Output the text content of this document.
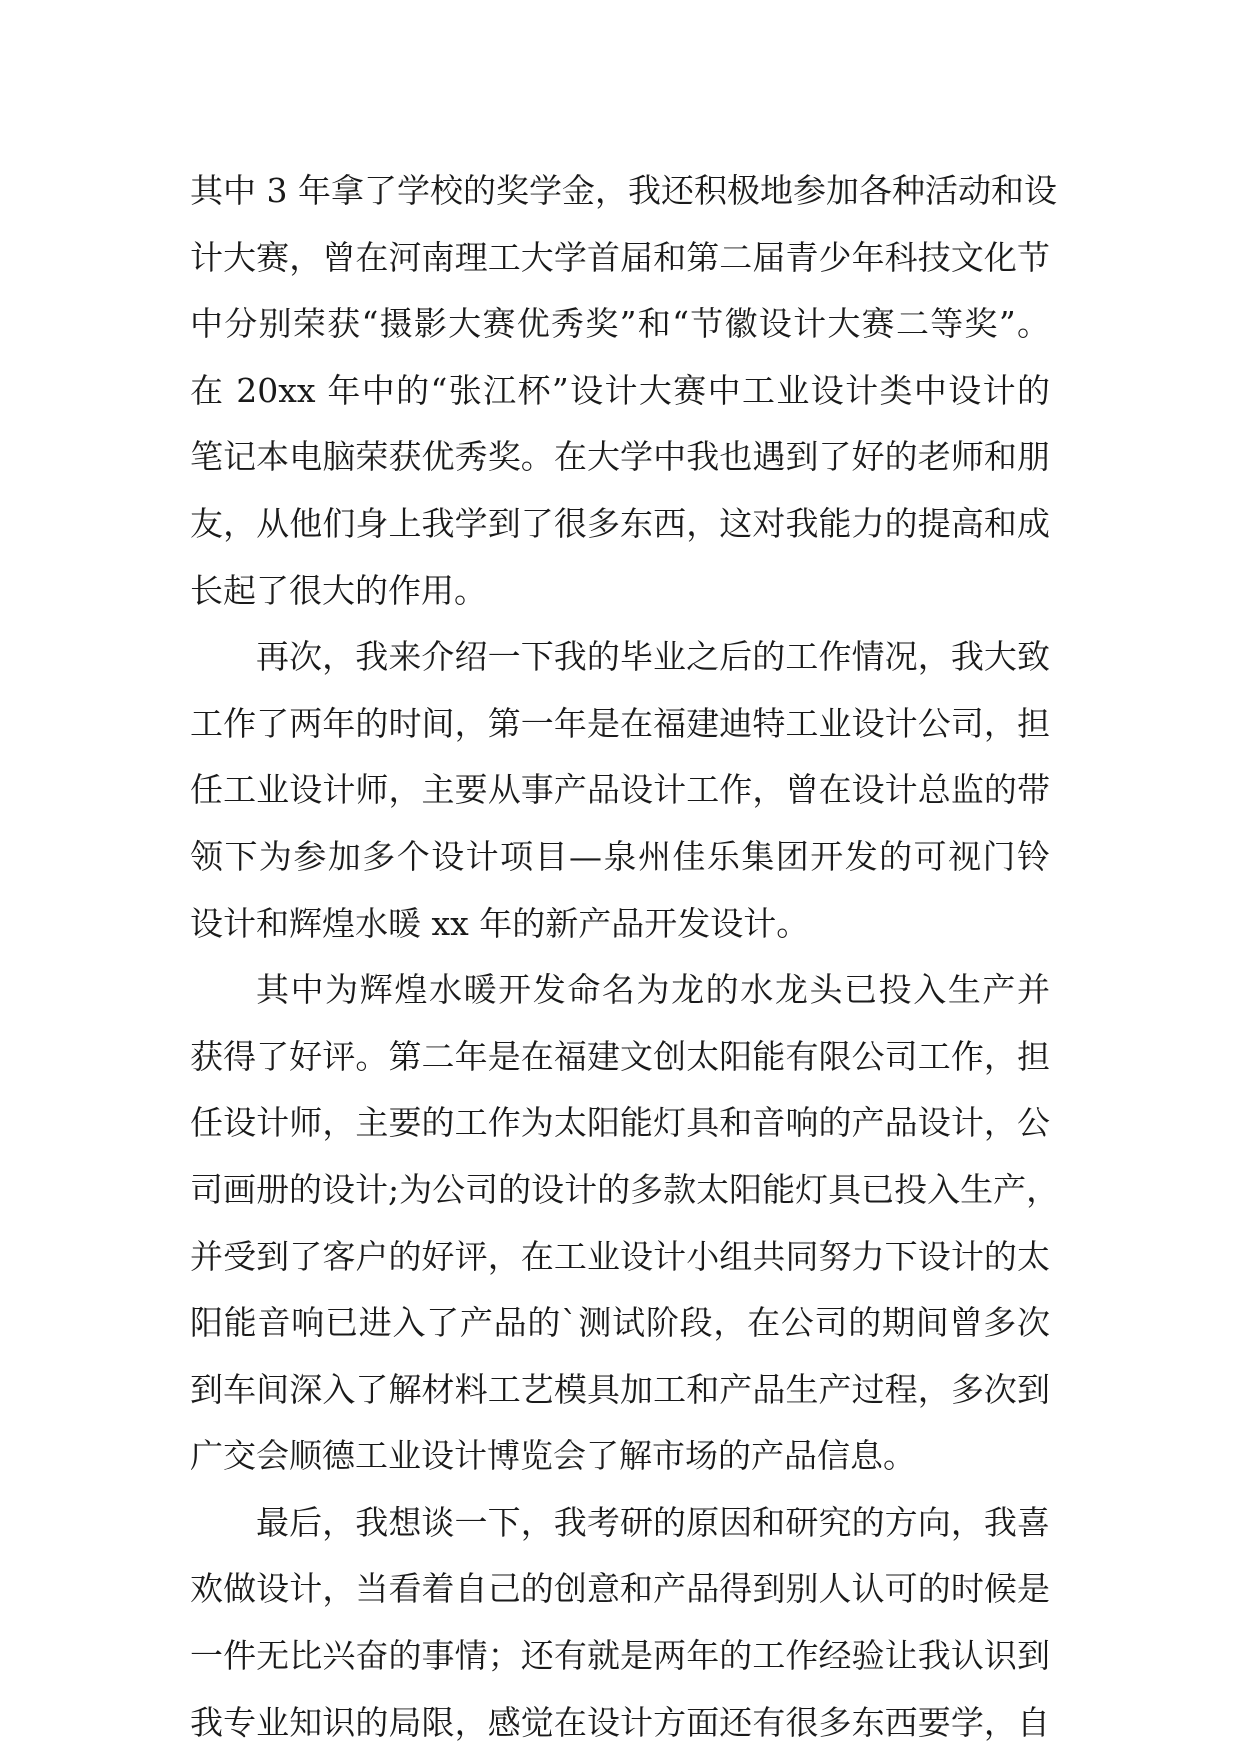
其中 3 年拿了学校的奖学金，我还积极地参加各种活动和设
计大赛，曾在河南理工大学首届和第二届青少年科技文化节
中分别荣获“摄影大赛优秀奖”和“节徽设计大赛二等奖”。
在 20xx 年中的“张江杯”设计大赛中工业设计类中设计的
笔记本电脑荣获优秀奖。在大学中我也遇到了好的老师和朋
友，从他们身上我学到了很多东西，这对我能力的提高和成
长起了很大的作用。
再次，我来介绍一下我的毕业之后的工作情况，我大致
工作了两年的时间，第一年是在福建迪特工业设计公司，担
任工业设计师，主要从事产品设计工作，曾在设计总监的带
领下为参加多个设计项目—泉州佳乐集团开发的可视门铃
设计和辉煌水暖 xx 年的新产品开发设计。
其中为辉煌水暖开发命名为龙的水龙头已投入生产并
获得了好评。第二年是在福建文创太阳能有限公司工作，担
任设计师，主要的工作为太阳能灯具和音响的产品设计，公
司画册的设计;为公司的设计的多款太阳能灯具已投入生产，
并受到了客户的好评，在工业设计小组共同努力下设计的太
阳能音响已进入了产品的`测试阶段，在公司的期间曾多次
到车间深入了解材料工艺模具加工和产品生产过程，多次到
广交会顺德工业设计博览会了解市场的产品信息。
最后，我想谈一下，我考研的原因和研究的方向，我喜
欢做设计，当看着自己的创意和产品得到别人认可的时候是
一件无比兴奋的事情；还有就是两年的工作经验让我认识到
我专业知识的局限，感觉在设计方面还有很多东西要学，自
